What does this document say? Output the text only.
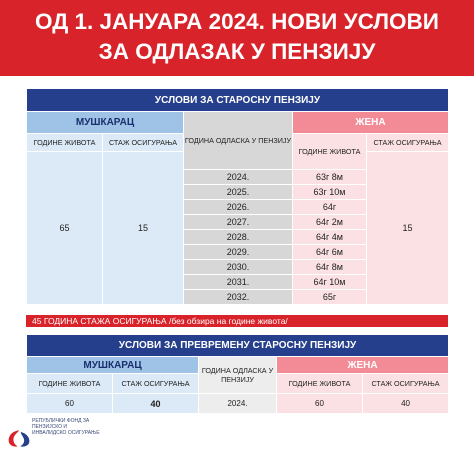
ОД 1. ЈАНУАРА 2024. НОВИ УСЛОВИ
ЗА ОДЛАЗАК У ПЕНЗИЈУ
УСЛОВИ ЗА СТАРОСНУ ПЕНЗИЈУ				
МУШКАРАЦ		ГОДИНА ОДЛАСКА У ПЕНЗИЈУ	ЖЕНА	
ГОДИНЕ ЖИВОТА	СТАЖ ОСИГУРАЊА		ГОДИНЕ ЖИВОТА	СТАЖ ОСИГУРАЊА
65	15			15
		2024.	63г 8м	
		2025.	63г 10м	
		2026.	64г	
		2027.	64г 2м	
		2028.	64г 4м	
		2029.	64г 6м	
		2030.	64г 8м	
		2031.	64г 10м	
		2032.	65г	
45 ГОДИНА СТАЖА ОСИГУРАЊА /без обзира на године живота/
УСЛОВИ ЗА ПРЕВРЕМЕНУ СТАРОСНУ ПЕНЗИЈУ				
МУШКАРАЦ		ГОДИНА ОДЛАСКА У ПЕНЗИЈУ	ЖЕНА	
ГОДИНЕ ЖИВОТА	СТАЖ ОСИГУРАЊА		ГОДИНЕ ЖИВОТА	СТАЖ ОСИГУРАЊА
60	40	2024.	60	40
РЕПУБЛИЧКИ ФОНД ЗА ПЕНЗИЈСКО И ИНВАЛИДСКО ОСИГУРАЊЕ
